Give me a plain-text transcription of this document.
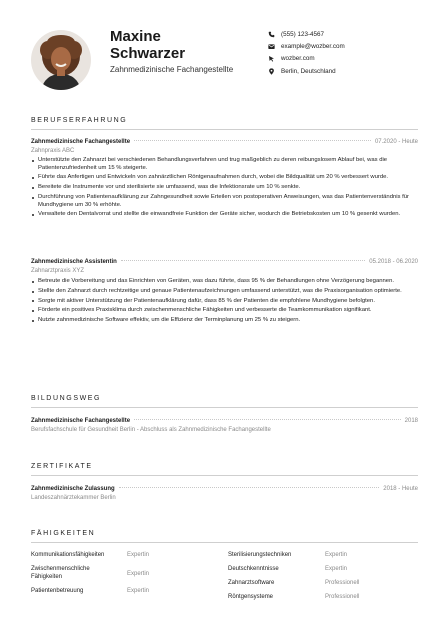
Maxine
Schwarzer
Zahnmedizinische Fachangestellte
(555) 123-4567
example@wozber.com
wozber.com
Berlin, Deutschland
BERUFSERFAHRUNG
Zahnmedizinische Fachangestellte	07.2020 - Heute
Zahnpraxis ABC
Unterstützte den Zahnarzt bei verschiedenen Behandlungsverfahren und trug maßgeblich zu deren reibungslosem Ablauf bei, was die Patientenzufriedenheit um 15 % steigerte.
Führte das Anfertigen und Entwickeln von zahnärztlichen Röntgenaufnahmen durch, wobei die Bildqualität um 20 % verbessert wurde.
Bereitete die Instrumente vor und sterilisierte sie umfassend, was die Infektionsrate um 10 % senkte.
Durchführung von Patientenaufklärung zur Zahngesundheit sowie Erteilen von postoperativen Anweisungen, was das Patientenverständnis für Mundhygiene um 30 % erhöhte.
Verwaltete den Dentalvorrat und stellte die einwandfreie Funktion der Geräte sicher, wodurch die Betriebskosten um 10 % gesenkt wurden.
Zahnmedizinische Assistentin	05.2018 - 06.2020
Zahnarztpraxis XYZ
Betreute die Vorbereitung und das Einrichten von Geräten, was dazu führte, dass 95 % der Behandlungen ohne Verzögerung begannen.
Stellte den Zahnarzt durch rechtzeitige und genaue Patientenaufzeichnungen umfassend unterstützt, was die Praxisorganisation optimierte.
Sorgte mit aktiver Unterstützung der Patientenaufklärung dafür, dass 85 % der Patienten die empfohlene Mundhygiene befolgten.
Förderte ein positives Praxisklima durch zwischenmenschliche Fähigkeiten und verbesserte die Teamkommunikation signifikant.
Nutzte zahnmedizinische Software effektiv, um die Effizienz der Terminplanung um 25 % zu steigern.
BILDUNGSWEG
Zahnmedizinische Fachangestellte	2018
Berufsfachschule für Gesundheit Berlin - Abschluss als Zahnmedizinische Fachangestellte
ZERTIFIKATE
Zahnmedizinische Zulassung	2018 - Heute
Landeszahnärztekammer Berlin
FÄHIGKEITEN
Kommunikationsfähigkeiten	Expertin
Zwischenmenschliche Fähigkeiten	Expertin
Patientenbetreuung	Expertin
Sterilisierungstechniken	Expertin
Deutschkenntnisse	Expertin
Zahnarztsoftware	Professionell
Röntgensysteme	Professionell
